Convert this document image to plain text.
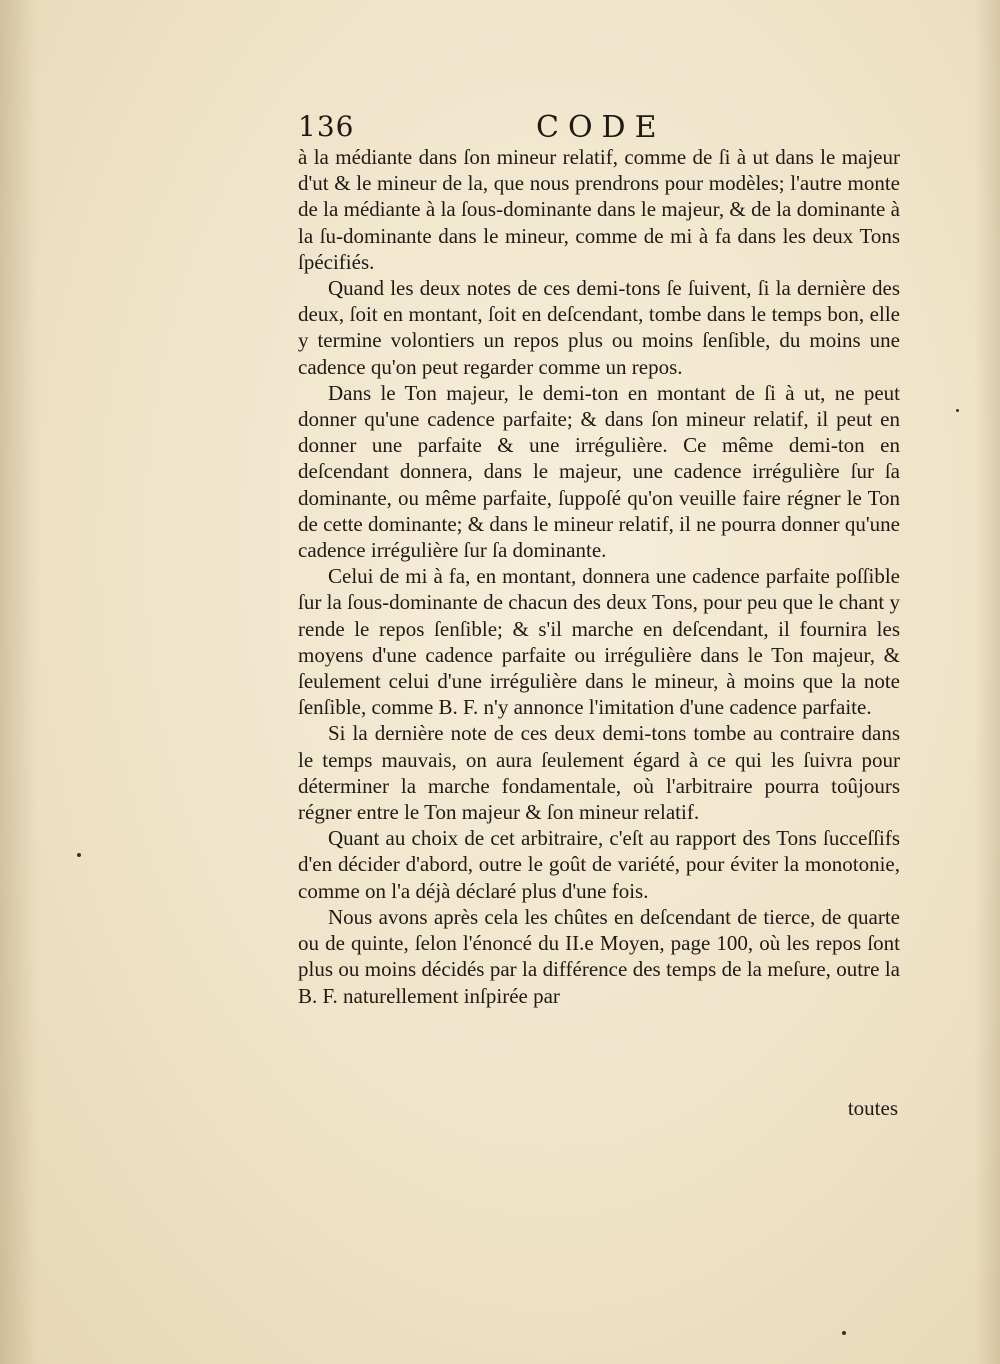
136	CODE

à la médiante dans ſon mineur relatif, comme de ſi à ut dans le majeur d'ut & le mineur de la, que nous prendrons pour modèles; l'autre monte de la médiante à la ſous-dominante dans le majeur, & de la dominante à la ſu-dominante dans le mineur, comme de mi à fa dans les deux Tons ſpécifiés.

Quand les deux notes de ces demi-tons ſe ſuivent, ſi la dernière des deux, ſoit en montant, ſoit en deſcendant, tombe dans le temps bon, elle y termine volontiers un repos plus ou moins ſenſible, du moins une cadence qu'on peut regarder comme un repos.

Dans le Ton majeur, le demi-ton en montant de ſi à ut, ne peut donner qu'une cadence parfaite; & dans ſon mineur relatif, il peut en donner une parfaite & une irrégulière. Ce même demi-ton en deſcendant donnera, dans le majeur, une cadence irrégulière ſur ſa dominante, ou même parfaite, ſuppoſé qu'on veuille faire régner le Ton de cette dominante; & dans le mineur relatif, il ne pourra donner qu'une cadence irrégulière ſur ſa dominante.

Celui de mi à fa, en montant, donnera une cadence parfaite poſſible ſur la ſous-dominante de chacun des deux Tons, pour peu que le chant y rende le repos ſenſible; & s'il marche en deſcendant, il fournira les moyens d'une cadence parfaite ou irrégulière dans le Ton majeur, & ſeulement celui d'une irrégulière dans le mineur, à moins que la note ſenſible, comme B. F. n'y annonce l'imitation d'une cadence parfaite.

Si la dernière note de ces deux demi-tons tombe au contraire dans le temps mauvais, on aura ſeulement égard à ce qui les ſuivra pour déterminer la marche fondamentale, où l'arbitraire pourra toûjours régner entre le Ton majeur & ſon mineur relatif.

Quant au choix de cet arbitraire, c'eſt au rapport des Tons ſucceſſifs d'en décider d'abord, outre le goût de variété, pour éviter la monotonie, comme on l'a déjà déclaré plus d'une fois.

Nous avons après cela les chûtes en deſcendant de tierce, de quarte ou de quinte, ſelon l'énoncé du II.e Moyen, page 100, où les repos ſont plus ou moins décidés par la différence des temps de la meſure, outre la B. F. naturellement inſpirée par

toutes
